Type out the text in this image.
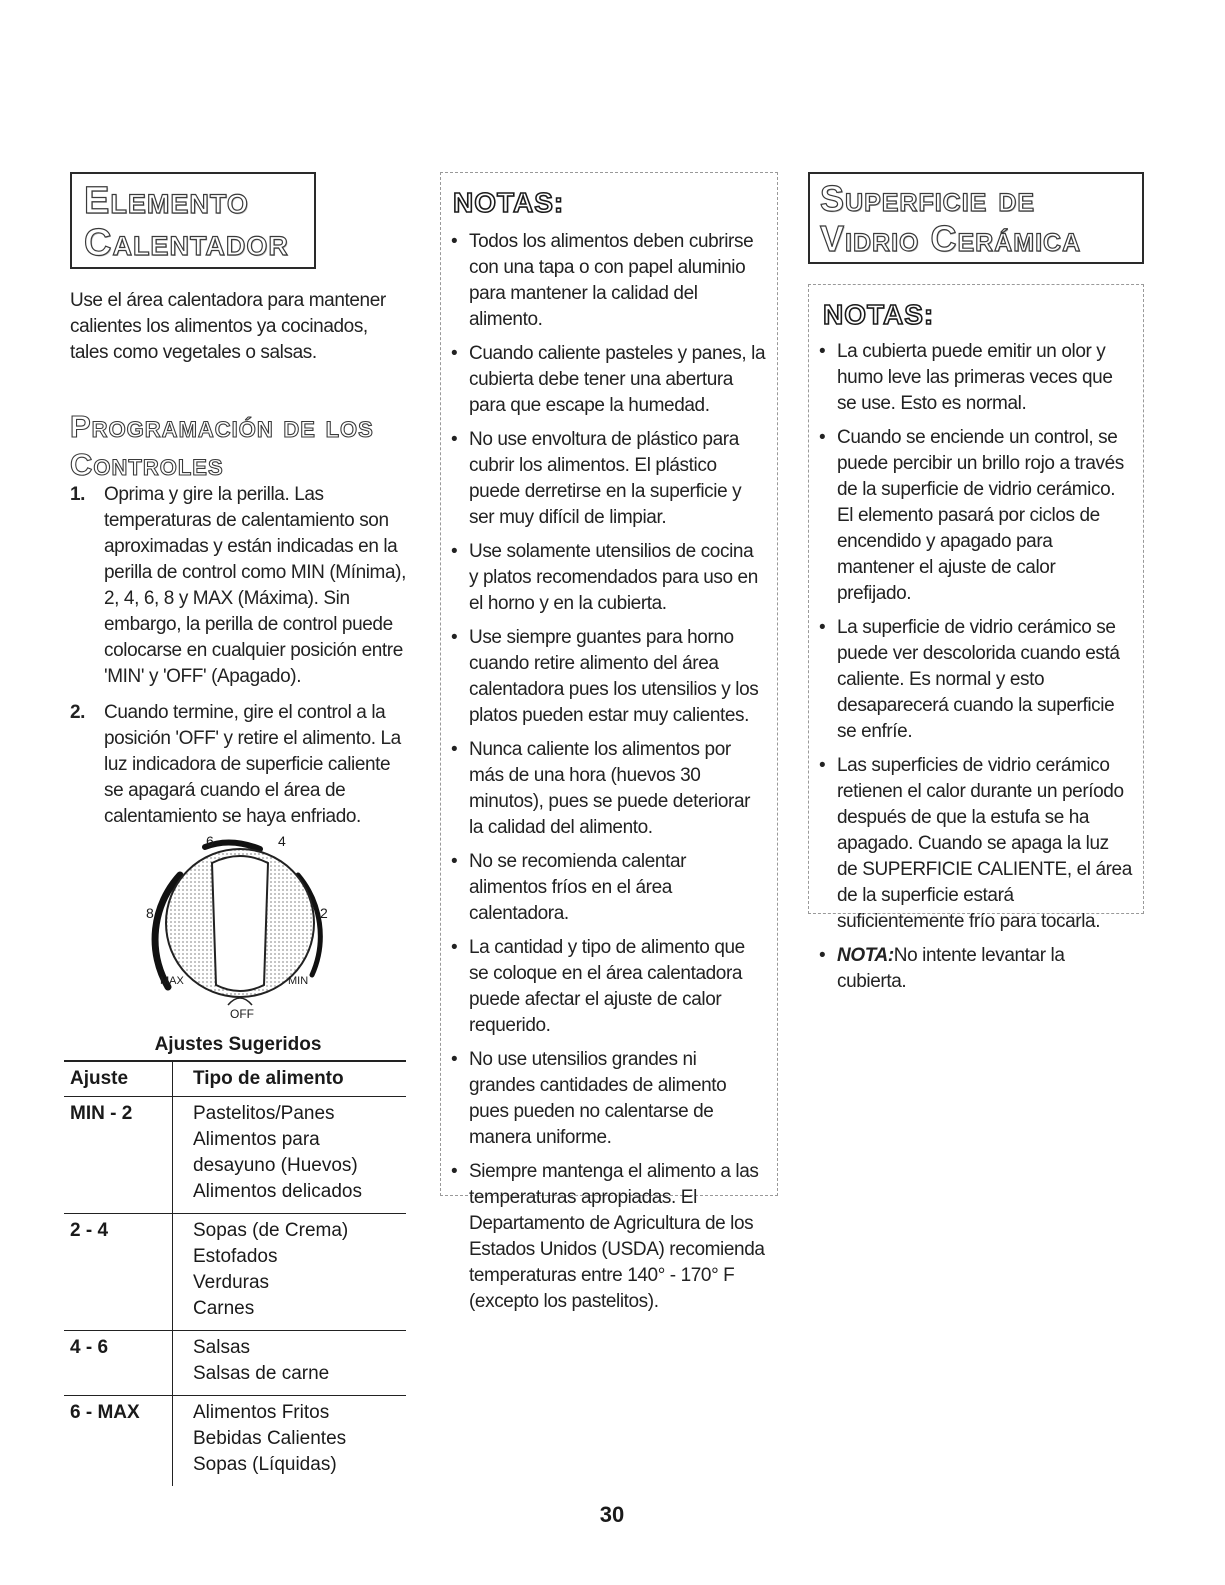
Elemento
Calentador
Use el área calentadora para mantener calientes los alimentos ya cocinados, tales como vegetales o salsas.
Programación de los
Controles
1. Oprima y gire la perilla. Las temperaturas de calentamiento son aproximadas y están indicadas en la perilla de control como MIN (Mínima), 2, 4, 6, 8 y MAX (Máxima). Sin embargo, la perilla de control puede colocarse en cualquier posición entre 'MIN' y 'OFF' (Apagado).
2. Cuando termine, gire el control a la posición 'OFF' y retire el alimento. La luz indicadora de superficie caliente se apagará cuando el área de calentamiento se haya enfriado.
6	4
8	2
MAX	MIN
OFF
Ajustes Sugeridos
Ajuste	Tipo de alimento
MIN - 2	Pastelitos/Panes
Alimentos para desayuno (Huevos)
Alimentos delicados

2 - 4	Sopas (de Crema)
Estofados
Verduras
Carnes

4 - 6	Salsas
Salsas de carne

6 - MAX	Alimentos Fritos
Bebidas Calientes
Sopas (Líquidas)
NOTAS:
• Todos los alimentos deben cubrirse con una tapa o con papel aluminio para mantener la calidad del alimento.
• Cuando caliente pasteles y panes, la cubierta debe tener una abertura para que escape la humedad.
• No use envoltura de plástico para cubrir los alimentos. El plástico puede derretirse en la superficie y ser muy difícil de limpiar.
• Use solamente utensilios de cocina y platos recomendados para uso en el horno y en la cubierta.
• Use siempre guantes para horno cuando retire alimento del área calentadora pues los utensilios y los platos pueden estar muy calientes.
• Nunca caliente los alimentos por más de una hora (huevos 30 minutos), pues se puede deteriorar la calidad del alimento.
• No se recomienda calentar alimentos fríos en el área calentadora.
• La cantidad y tipo de alimento que se coloque en el área calentadora puede afectar el ajuste de calor requerido.
• No use utensilios grandes ni grandes cantidades de alimento pues pueden no calentarse de manera uniforme.
• Siempre mantenga el alimento a las temperaturas apropiadas. El Departamento de Agricultura de los Estados Unidos (USDA) recomienda temperaturas entre 140° - 170° F (excepto los pastelitos).
Superficie de
Vidrio Cerámica
NOTAS:
• La cubierta puede emitir un olor y humo leve las primeras veces que se use. Esto es normal.
• Cuando se enciende un control, se puede percibir un brillo rojo a través de la superficie de vidrio cerámico. El elemento pasará por ciclos de encendido y apagado para mantener el ajuste de calor prefijado.
• La superficie de vidrio cerámico se puede ver descolorida cuando está caliente. Es normal y esto desaparecerá cuando la superficie se enfríe.
• Las superficies de vidrio cerámico retienen el calor durante un período después de que la estufa se ha apagado. Cuando se apaga la luz de SUPERFICIE CALIENTE, el área de la superficie estará suficientemente frío para tocarla.
• NOTA:No intente levantar la cubierta.
30
